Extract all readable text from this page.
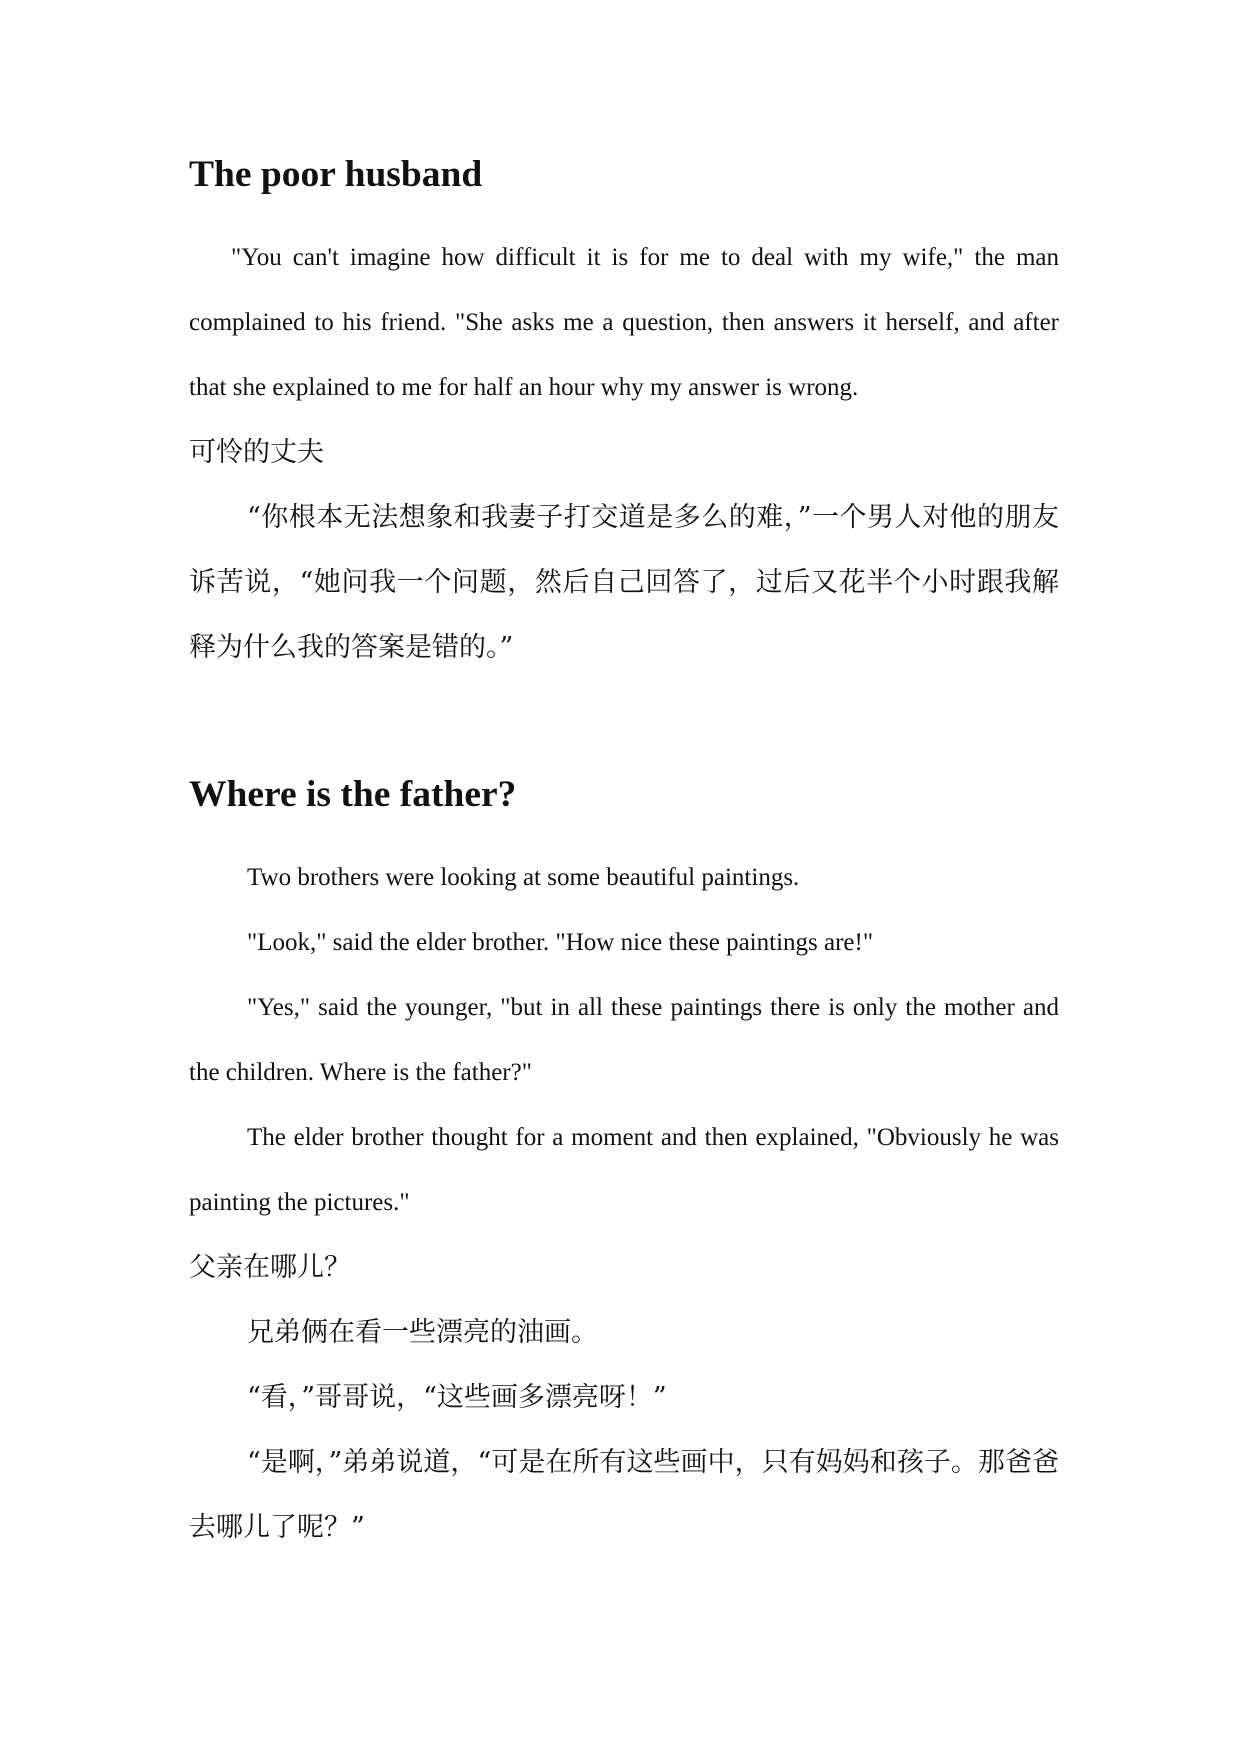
The poor husband

"You can't imagine how difficult it is for me to deal with my wife," the man complained to his friend. "She asks me a question, then answers it herself, and after that she explained to me for half an hour why my answer is wrong.

可怜的丈夫

“你根本无法想象和我妻子打交道是多么的难，”一个男人对他的朋友诉苦说，“她问我一个问题，然后自己回答了，过后又花半个小时跟我解释为什么我的答案是错的。”

Where is the father?

Two brothers were looking at some beautiful paintings.

"Look," said the elder brother. "How nice these paintings are!"

"Yes," said the younger, "but in all these paintings there is only the mother and the children. Where is the father?"

The elder brother thought for a moment and then explained, "Obviously he was painting the pictures."

父亲在哪儿？

兄弟俩在看一些漂亮的油画。

“看，”哥哥说，“这些画多漂亮呀！”

“是啊，”弟弟说道，“可是在所有这些画中，只有妈妈和孩子。那爸爸去哪儿了呢？”
